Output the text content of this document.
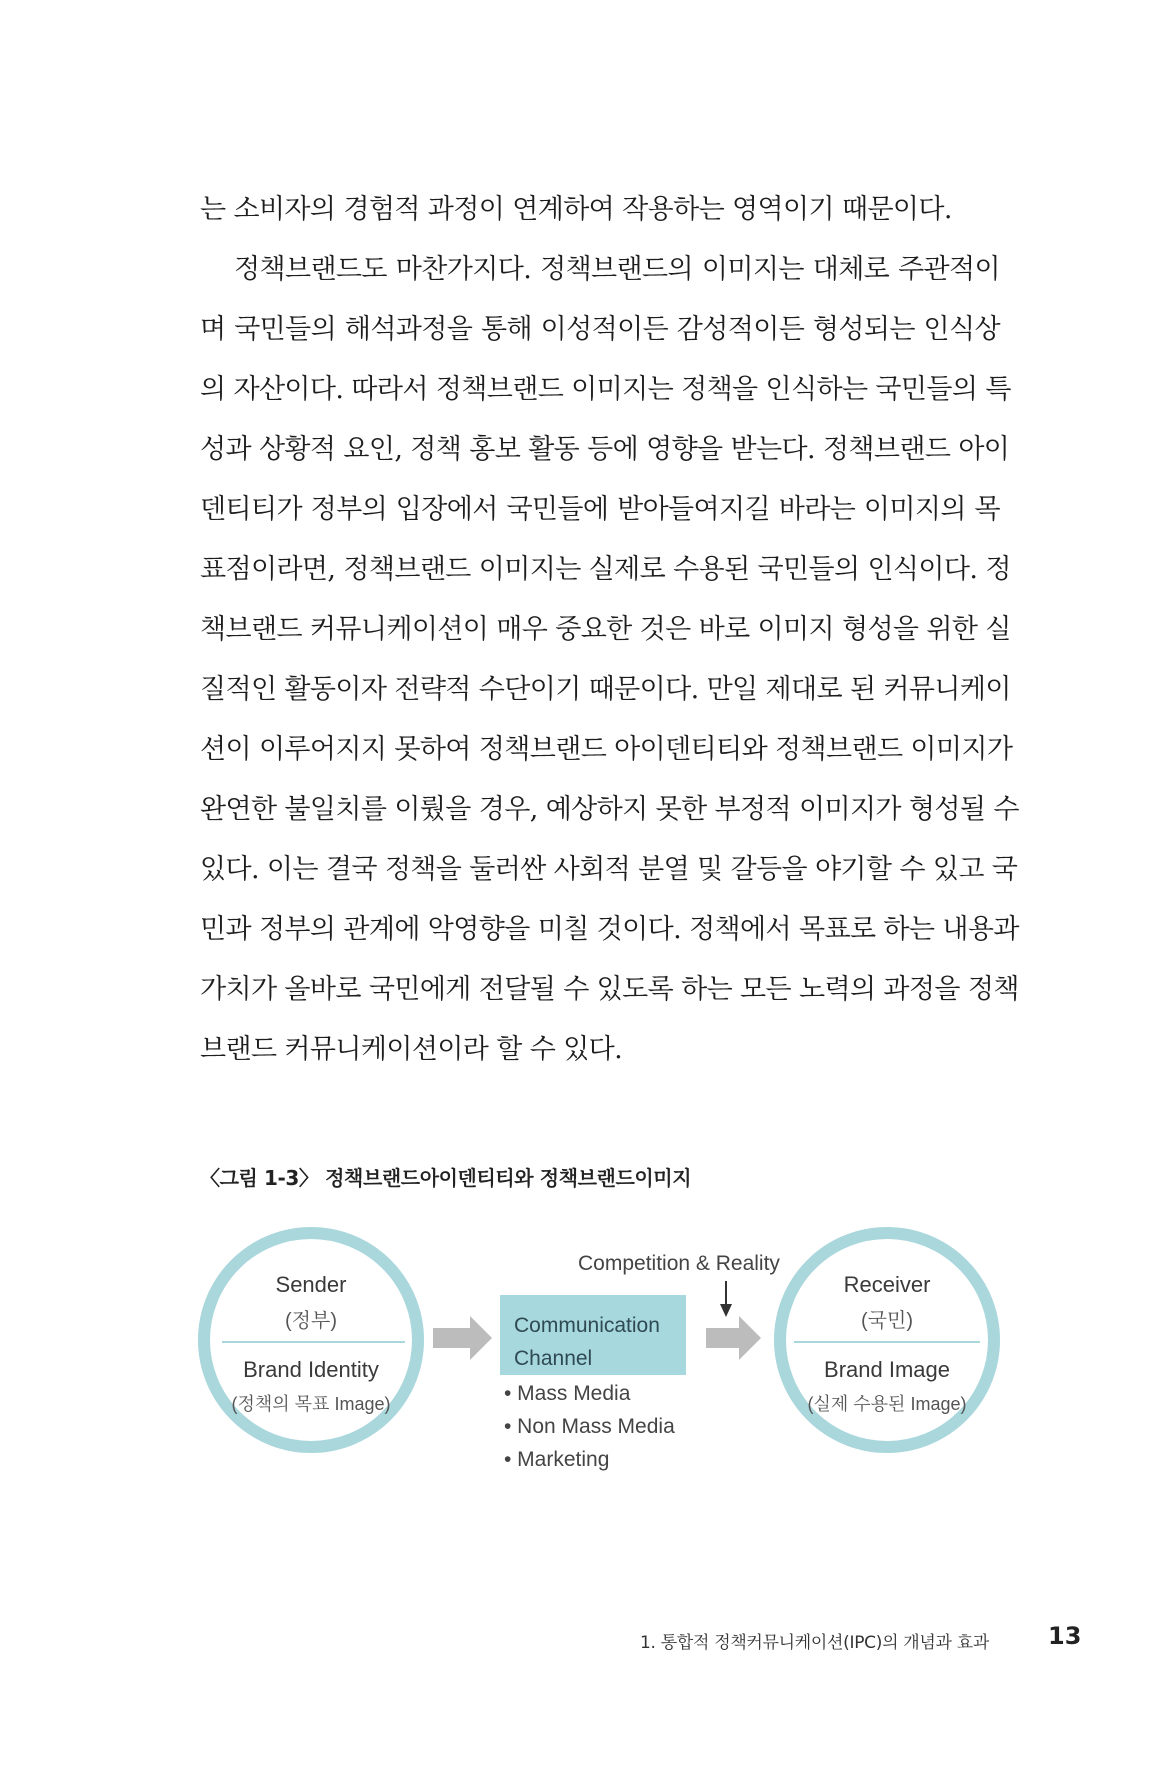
는 소비자의 경험적 과정이 연계하여 작용하는 영역이기 때문이다.
정책브랜드도 마찬가지다. 정책브랜드의 이미지는 대체로 주관적이
며 국민들의 해석과정을 통해 이성적이든 감성적이든 형성되는 인식상
의 자산이다. 따라서 정책브랜드 이미지는 정책을 인식하는 국민들의 특
성과 상황적 요인, 정책 홍보 활동 등에 영향을 받는다. 정책브랜드 아이
덴티티가 정부의 입장에서 국민들에 받아들여지길 바라는 이미지의 목
표점이라면, 정책브랜드 이미지는 실제로 수용된 국민들의 인식이다. 정
책브랜드 커뮤니케이션이 매우 중요한 것은 바로 이미지 형성을 위한 실
질적인 활동이자 전략적 수단이기 때문이다. 만일 제대로 된 커뮤니케이
션이 이루어지지 못하여 정책브랜드 아이덴티티와 정책브랜드 이미지가
완연한 불일치를 이뤘을 경우, 예상하지 못한 부정적 이미지가 형성될 수
있다. 이는 결국 정책을 둘러싼 사회적 분열 및 갈등을 야기할 수 있고 국
민과 정부의 관계에 악영향을 미칠 것이다. 정책에서 목표로 하는 내용과
가치가 올바로 국민에게 전달될 수 있도록 하는 모든 노력의 과정을 정책
브랜드 커뮤니케이션이라 할 수 있다.
〈그림 1-3〉 정책브랜드아이덴티티와 정책브랜드이미지
Sender
(정부)
Brand Identity
(정책의 목표 Image)
Competition & Reality
Communication
Channel
• Mass Media
• Non Mass Media
• Marketing
Receiver
(국민)
Brand Image
(실제 수용된 Image)
1. 통합적 정책커뮤니케이션(IPC)의 개념과 효과 13
